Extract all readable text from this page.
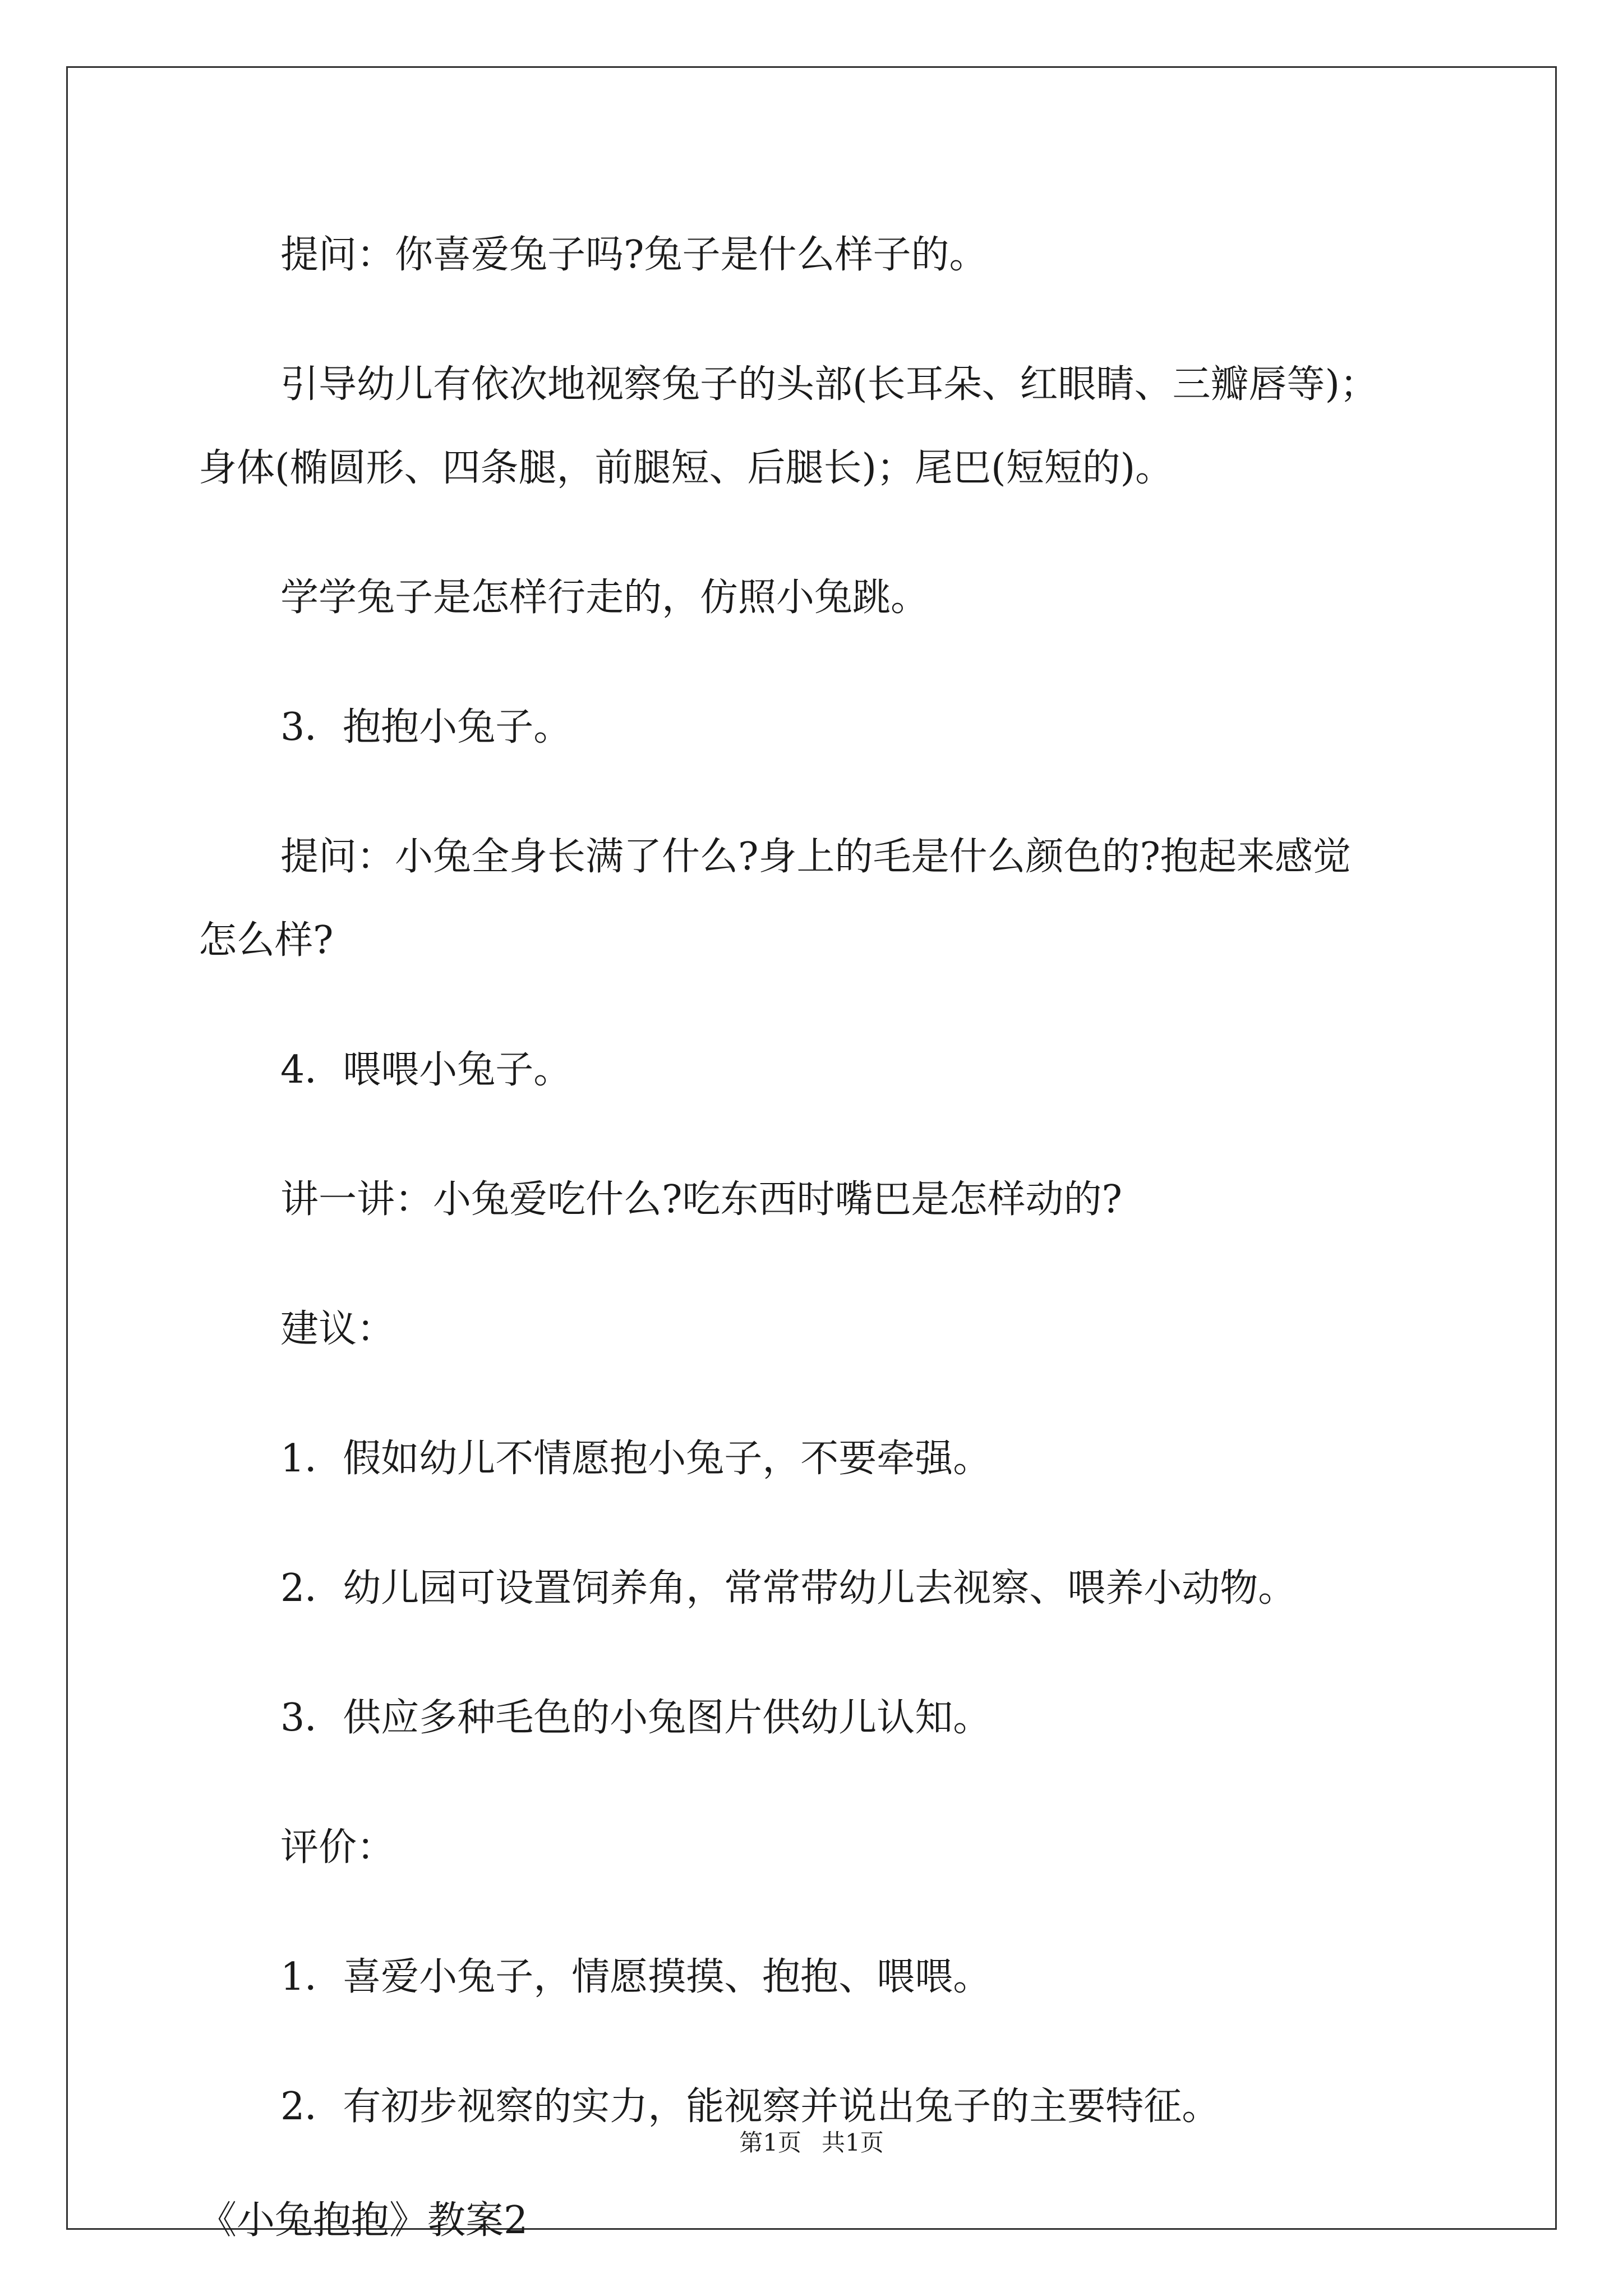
提问：你喜爱兔子吗?兔子是什么样子的。

引导幼儿有依次地视察兔子的头部(长耳朵、红眼睛、三瓣唇等)；

身体(椭圆形、四条腿，前腿短、后腿长)；尾巴(短短的)。

学学兔子是怎样行走的，仿照小兔跳。

3．抱抱小兔子。

提问：小兔全身长满了什么?身上的毛是什么颜色的?抱起来感觉

怎么样?

4．喂喂小兔子。

讲一讲：小兔爱吃什么?吃东西时嘴巴是怎样动的?

建议：

1．假如幼儿不情愿抱小兔子，不要牵强。

2．幼儿园可设置饲养角，常常带幼儿去视察、喂养小动物。

3．供应多种毛色的小兔图片供幼儿认知。

评价：

1．喜爱小兔子，情愿摸摸、抱抱、喂喂。

2．有初步视察的实力，能视察并说出兔子的主要特征。

《小兔抱抱》教案2

第1页 共1页
